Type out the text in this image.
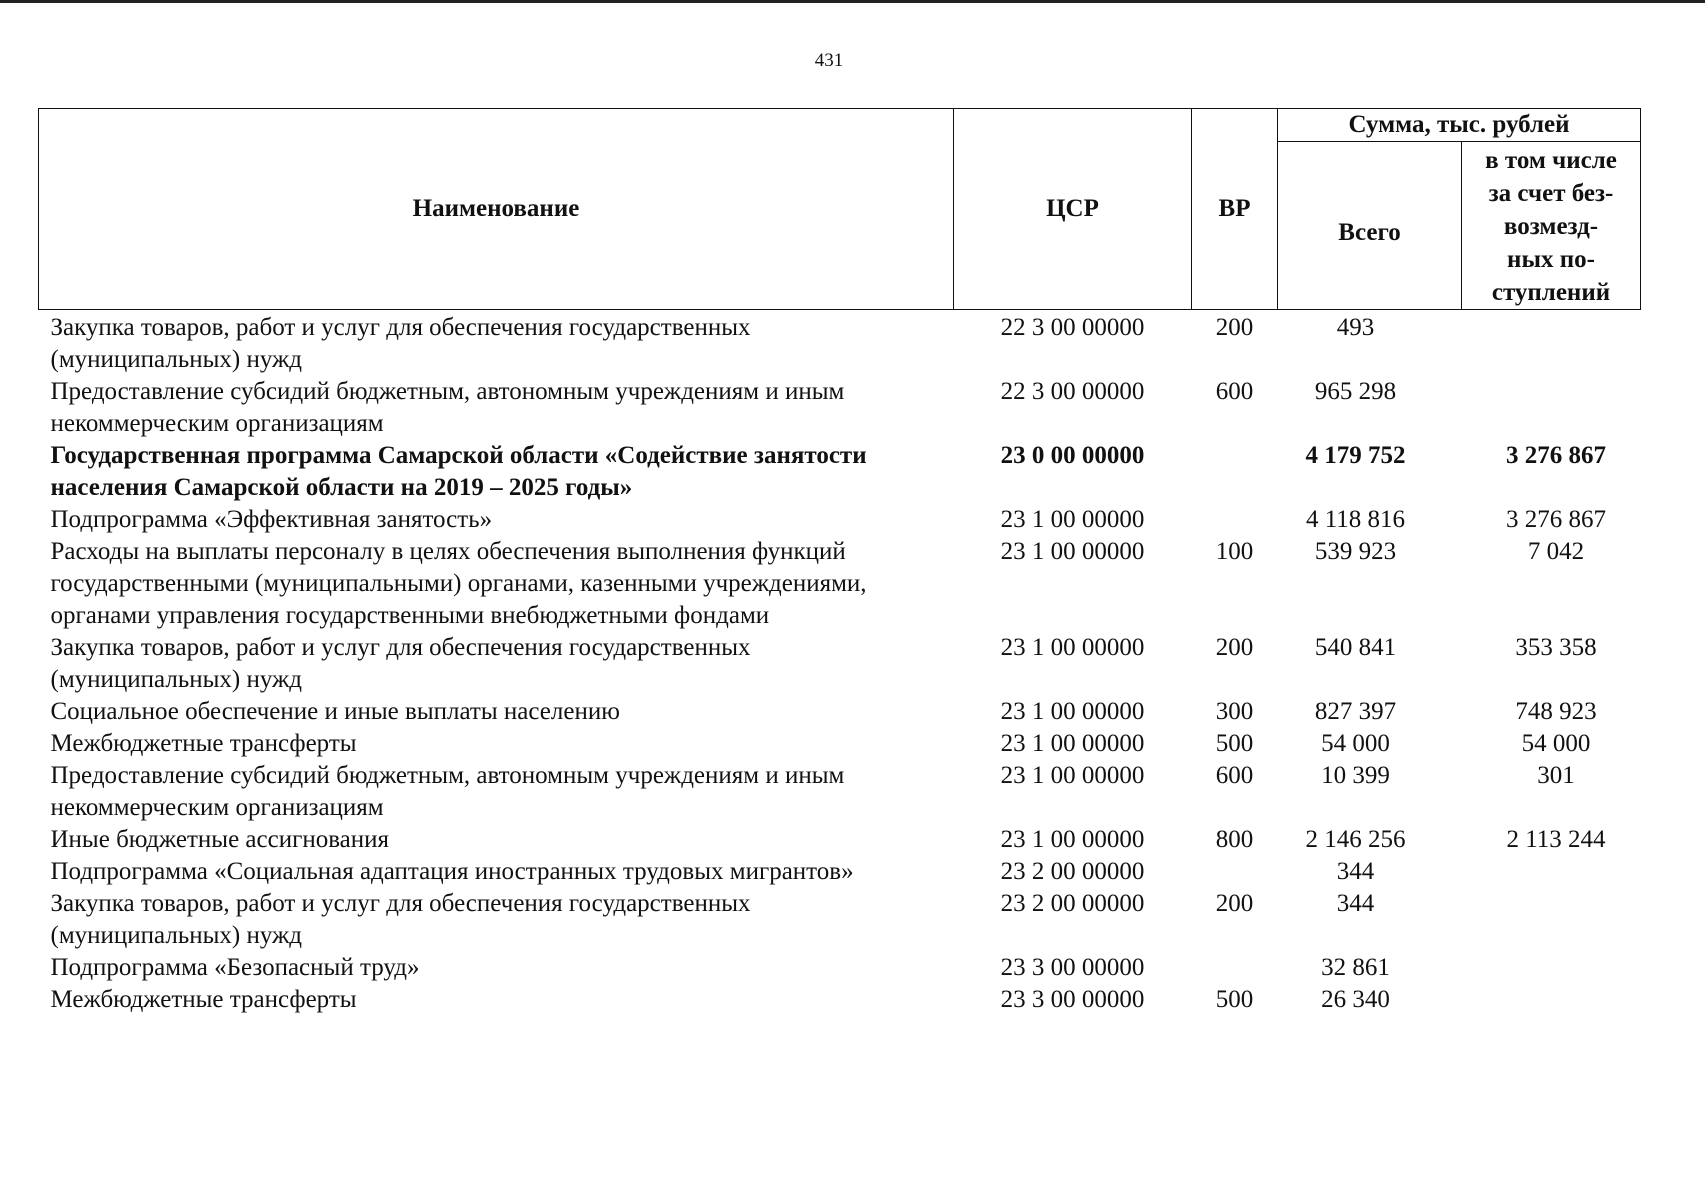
431
Наименование	ЦСР	ВР	Сумма, тыс. рублей	
			Всего	в том числе
за счет без-
возмезд-
ных по-
ступлений

Закупка товаров, работ и услуг для обеспечения государственных (муниципальных) нужд	22 3 00 00000	200	493	
Предоставление субсидий бюджетным, автономным учреждениям и иным некоммерческим организациям	22 3 00 00000	600	965 298	
Государственная программа Самарской области «Содействие занятости населения Самарской области на 2019 – 2025 годы»	23 0 00 00000		4 179 752	3 276 867
Подпрограмма «Эффективная занятость»	23 1 00 00000		4 118 816	3 276 867
Расходы на выплаты персоналу в целях обеспечения выполнения функций государственными (муниципальными) органами, казенными учреждениями, органами управления государственными внебюджетными фондами	23 1 00 00000	100	539 923	7 042
Закупка товаров, работ и услуг для обеспечения государственных (муниципальных) нужд	23 1 00 00000	200	540 841	353 358
Социальное обеспечение и иные выплаты населению	23 1 00 00000	300	827 397	748 923
Межбюджетные трансферты	23 1 00 00000	500	54 000	54 000
Предоставление субсидий бюджетным, автономным учреждениям и иным некоммерческим организациям	23 1 00 00000	600	10 399	301
Иные бюджетные ассигнования	23 1 00 00000	800	2 146 256	2 113 244
Подпрограмма «Социальная адаптация иностранных трудовых мигрантов»	23 2 00 00000		344	
Закупка товаров, работ и услуг для обеспечения государственных (муниципальных) нужд	23 2 00 00000	200	344	
Подпрограмма «Безопасный труд»	23 3 00 00000		32 861	
Межбюджетные трансферты	23 3 00 00000	500	26 340	
